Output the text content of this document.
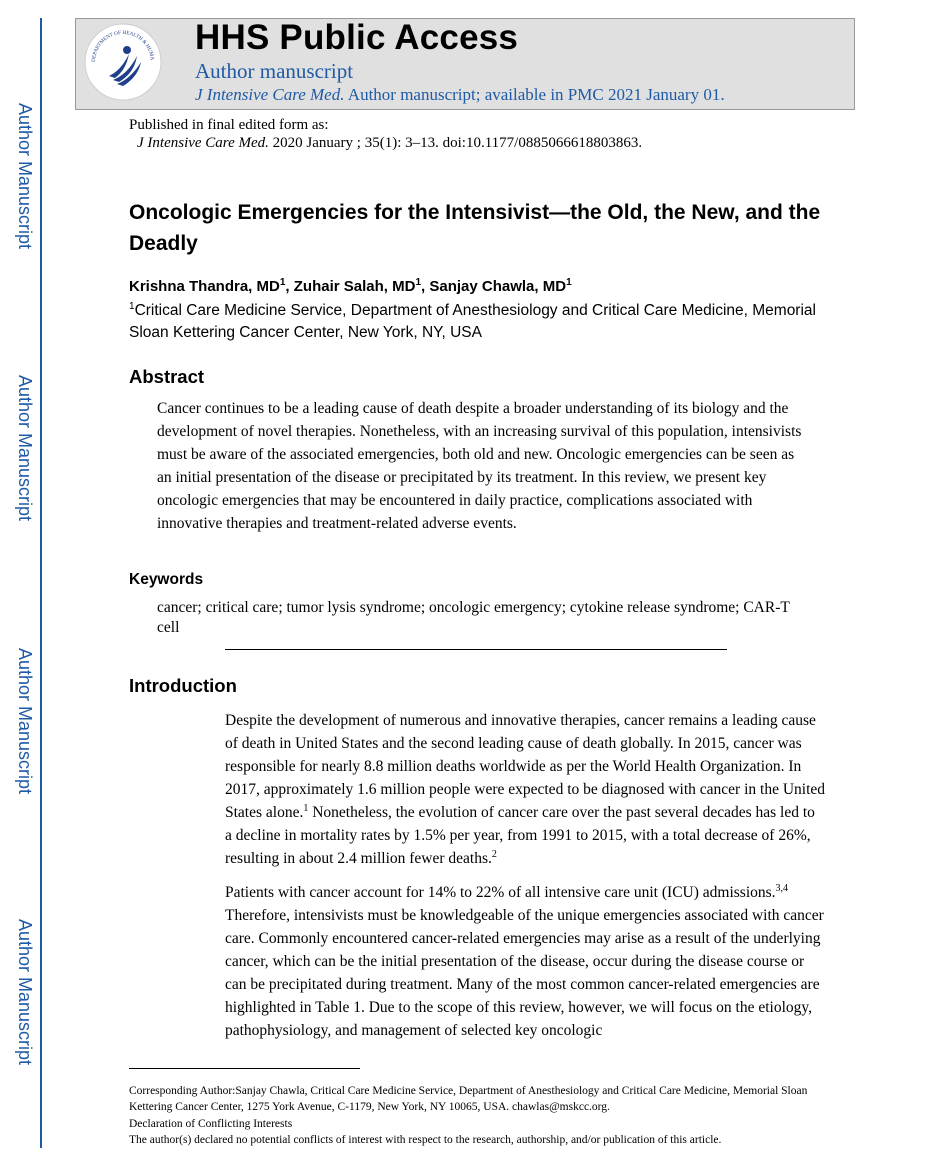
Author Manuscript
Author Manuscript
Author Manuscript
Author Manuscript
DEPARTMENT OF HEALTH & HUMA
HHS Public Access
Author manuscript
J Intensive Care Med. Author manuscript; available in PMC 2021 January 01.
Published in final edited form as:
J Intensive Care Med. 2020 January ; 35(1): 3–13. doi:10.1177/0885066618803863.
Oncologic Emergencies for the Intensivist—the Old, the New, and the Deadly
Krishna Thandra, $MD^1$, Zuhair Salah, $MD^1$, Sanjay Chawla, $MD^1$
$^1$Critical Care Medicine Service, Department of Anesthesiology and Critical Care Medicine, Memorial Sloan Kettering Cancer Center, New York, NY, USA
Abstract
Cancer continues to be a leading cause of death despite a broader understanding of its biology and the development of novel therapies. Nonetheless, with an increasing survival of this population, intensivists must be aware of the associated emergencies, both old and new. Oncologic emergencies can be seen as an initial presentation of the disease or precipitated by its treatment. In this review, we present key oncologic emergencies that may be encountered in daily practice, complications associated with innovative therapies and treatment-related adverse events.
Keywords
cancer; critical care; tumor lysis syndrome; oncologic emergency; cytokine release syndrome; CAR-T cell
Introduction
Despite the development of numerous and innovative therapies, cancer remains a leading cause of death in United States and the second leading cause of death globally. In 2015, cancer was responsible for nearly 8.8 million deaths worldwide as per the World Health Organization. In 2017, approximately 1.6 million people were expected to be diagnosed with cancer in the United States alone.$^1$ Nonetheless, the evolution of cancer care over the past several decades has led to a decline in mortality rates by 1.5% per year, from 1991 to 2015, with a total decrease of 26%, resulting in about 2.4 million fewer deaths.$^2$
Patients with cancer account for 14% to 22% of all intensive care unit (ICU) admissions.$^{3,4}$ Therefore, intensivists must be knowledgeable of the unique emergencies associated with cancer care. Commonly encountered cancer-related emergencies may arise as a result of the underlying cancer, which can be the initial presentation of the disease, occur during the disease course or can be precipitated during treatment. Many of the most common cancer-related emergencies are highlighted in Table 1. Due to the scope of this review, however, we will focus on the etiology, pathophysiology, and management of selected key oncologic
Corresponding Author:Sanjay Chawla, Critical Care Medicine Service, Department of Anesthesiology and Critical Care Medicine, Memorial Sloan Kettering Cancer Center, 1275 York Avenue, C-1179, New York, NY 10065, USA. chawlas@mskcc.org.
Declaration of Conflicting Interests
The author(s) declared no potential conflicts of interest with respect to the research, authorship, and/or publication of this article.
